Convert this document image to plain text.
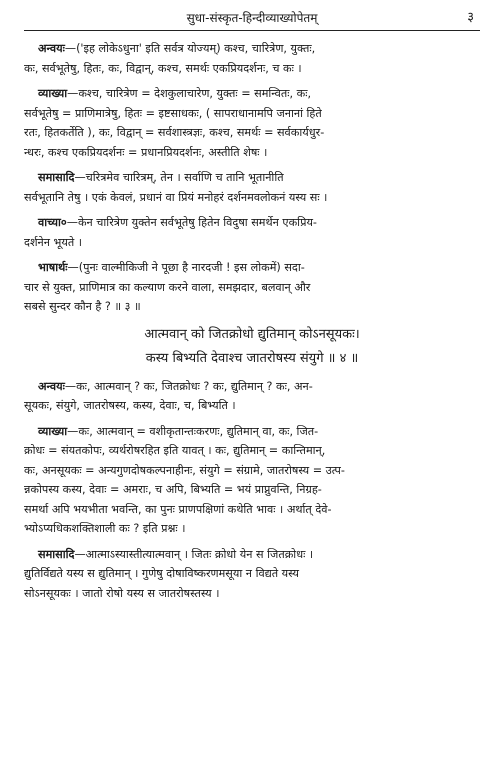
सुधा-संस्कृत-हिन्दीव्याख्योपेतम्	३
अन्वयः—('इह लोकेऽधुना' इति सर्वत्र योज्यम्) कश्च, चारित्रेण, युक्तः,
कः, सर्वभूतेषु, हितः, कः, विद्वान्, कश्च, समर्थः एकप्रियदर्शनः, च कः ।
व्याख्या—कश्च, चारित्रेण = देशकुलाचारेण, युक्तः = समन्वितः, कः,
सर्वभूतेषु = प्राणिमात्रेषु, हितः = इष्टसाधकः, ( सापराधानामपि जनानां हिते
रतः, हितकर्तेति ), कः, विद्वान् = सर्वशास्त्रज्ञः, कश्च, समर्थः = सर्वकार्यधुर-
न्धरः, कश्च एकप्रियदर्शनः = प्रधानप्रियदर्शनः, अस्तीति शेषः ।
समासादि—चरित्रमेव चारित्रम्, तेन । सर्वाणि च तानि भूतानीति
सर्वभूतानि तेषु । एकं केवलं, प्रधानं वा प्रियं मनोहरं दर्शनमवलोकनं यस्य सः ।
वाच्या०—केन चारित्रेण युक्तेन सर्वभूतेषु हितेन विदुषा समर्थेन एकप्रिय-
दर्शनेन भूयते ।
भाषार्थः—(पुनः वाल्मीकिजी ने पूछा है नारदजी ! इस लोकमें) सदा-
चार से युक्त, प्राणिमात्र का कल्याण करने वाला, समझदार, बलवान् और
सबसे सुन्दर कौन है ? ॥ ३ ॥
आत्मवान् को जितक्रोधो द्युतिमान् कोऽनसूयकः।
कस्य बिभ्यति देवाश्च जातरोषस्य संयुगे ॥ ४ ॥
अन्वयः—कः, आत्मवान् ? कः, जितक्रोधः ? कः, द्युतिमान् ? कः, अन-
सूयकः, संयुगे, जातरोषस्य, कस्य, देवाः, च, बिभ्यति ।
व्याख्या—कः, आत्मवान् = वशीकृतान्तःकरणः, द्युतिमान् वा, कः, जित-
क्रोधः = संयतकोपः, व्यर्थरोषरहित इति यावत् । कः, द्युतिमान् = कान्तिमान्,
कः, अनसूयकः = अन्यगुणदोषकल्पनाहीनः, संयुगे = संग्रामे, जातरोषस्य = उत्प-
न्नकोपस्य कस्य, देवाः = अमराः, च अपि, बिभ्यति = भयं प्राप्नुवन्ति, निग्रह-
समर्था अपि भयभीता भवन्ति, का पुनः प्राणपक्षिणां कथेति भावः । अर्थात् देवे-
भ्योऽप्यधिकशक्तिशाली कः ? इति प्रश्नः ।
समासादि—आत्माऽस्यास्तीत्यात्मवान् । जितः क्रोधो येन स जितक्रोधः ।
द्युतिर्विद्यते यस्य स द्युतिमान् । गुणेषु दोषाविष्करणमसूया न विद्यते यस्य
सोऽनसूयकः । जातो रोषो यस्य स जातरोषस्तस्य ।
